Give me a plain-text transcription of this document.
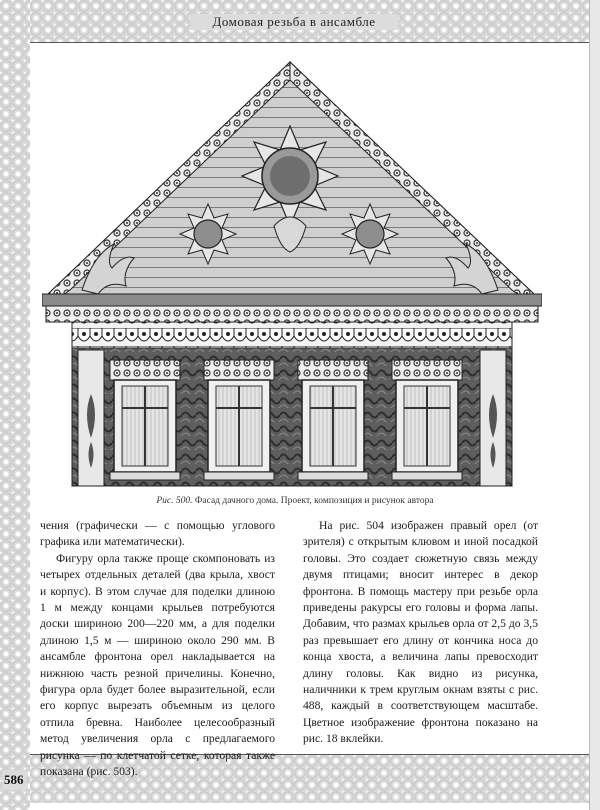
Домовая резьба в ансамбле
586
Рис. 500. Фасад дачного дома. Проект, композиция и рисунок автора

чения (графически — с помощью углового графика или математически).

Фигуру орла также проще скомпоновать из четырех отдельных деталей (два крыла, хвост и корпус). В этом случае для поделки длиною 1 м между концами крыльев потребуются доски шириною 200—220 мм, а для поделки длиною 1,5 м — шириною около 290 мм. В ансамбле фронтона орел накладывается на нижнюю часть резной причелины. Конечно, фигура орла будет более выразительной, если его корпус вырезать объемным из целого отпила бревна. Наиболее целесообразный метод увеличения орла с предлагаемого рисунка — по клетчатой сетке, которая также показана (рис. 503).

На рис. 504 изображен правый орел (от зрителя) с открытым клювом и иной посадкой головы. Это создает сюжетную связь между двумя птицами; вносит интерес в декор фронтона. В помощь мастеру при резьбе орла приведены ракурсы его головы и форма лапы. Добавим, что размах крыльев орла от 2,5 до 3,5 раз превышает его длину от кончика носа до конца хвоста, а величина лапы превосходит длину головы. Как видно из рисунка, наличники к трем круглым окнам взяты с рис. 488, каждый в соответствующем масштабе. Цветное изображение фронтона показано на рис. 18 вклейки.
